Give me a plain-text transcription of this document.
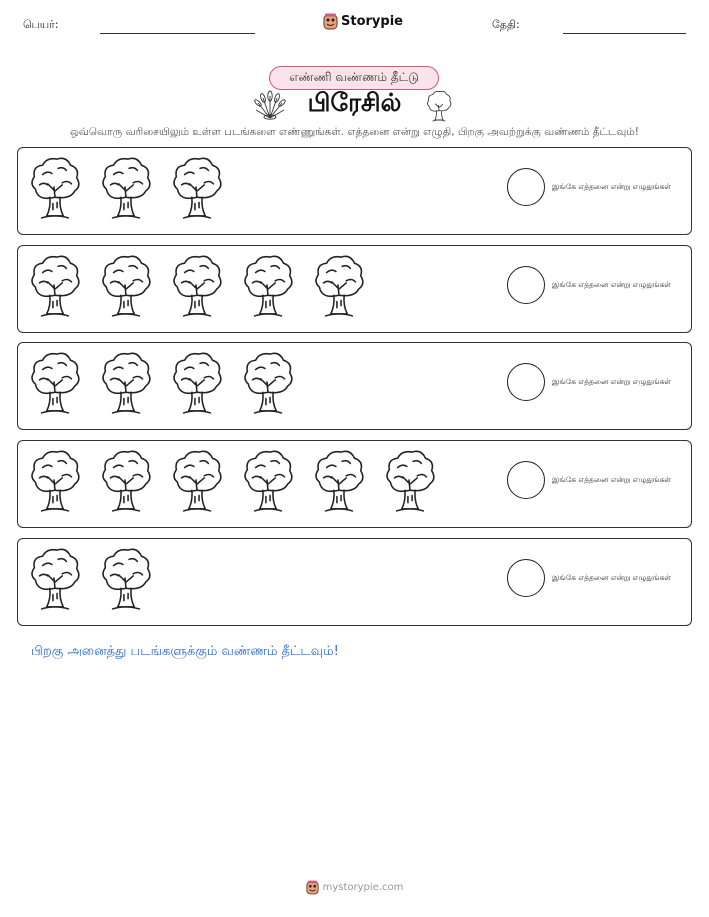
பெயர்:	Storypie	தேதி:
எண்ணி வண்ணம் தீட்டு
பிரேசில்
ஒவ்வொரு வரிசையிலும் உள்ள படங்களை எண்ணுங்கள். எத்தனை என்று எழுதி, பிறகு அவற்றுக்கு வண்ணம் தீட்டவும்!
இங்கே எத்தனை என்று எழுதுங்கள்
இங்கே எத்தனை என்று எழுதுங்கள்
இங்கே எத்தனை என்று எழுதுங்கள்
இங்கே எத்தனை என்று எழுதுங்கள்
இங்கே எத்தனை என்று எழுதுங்கள்
பிறகு அனைத்து படங்களுக்கும் வண்ணம் தீட்டவும்!
mystorypie.com
